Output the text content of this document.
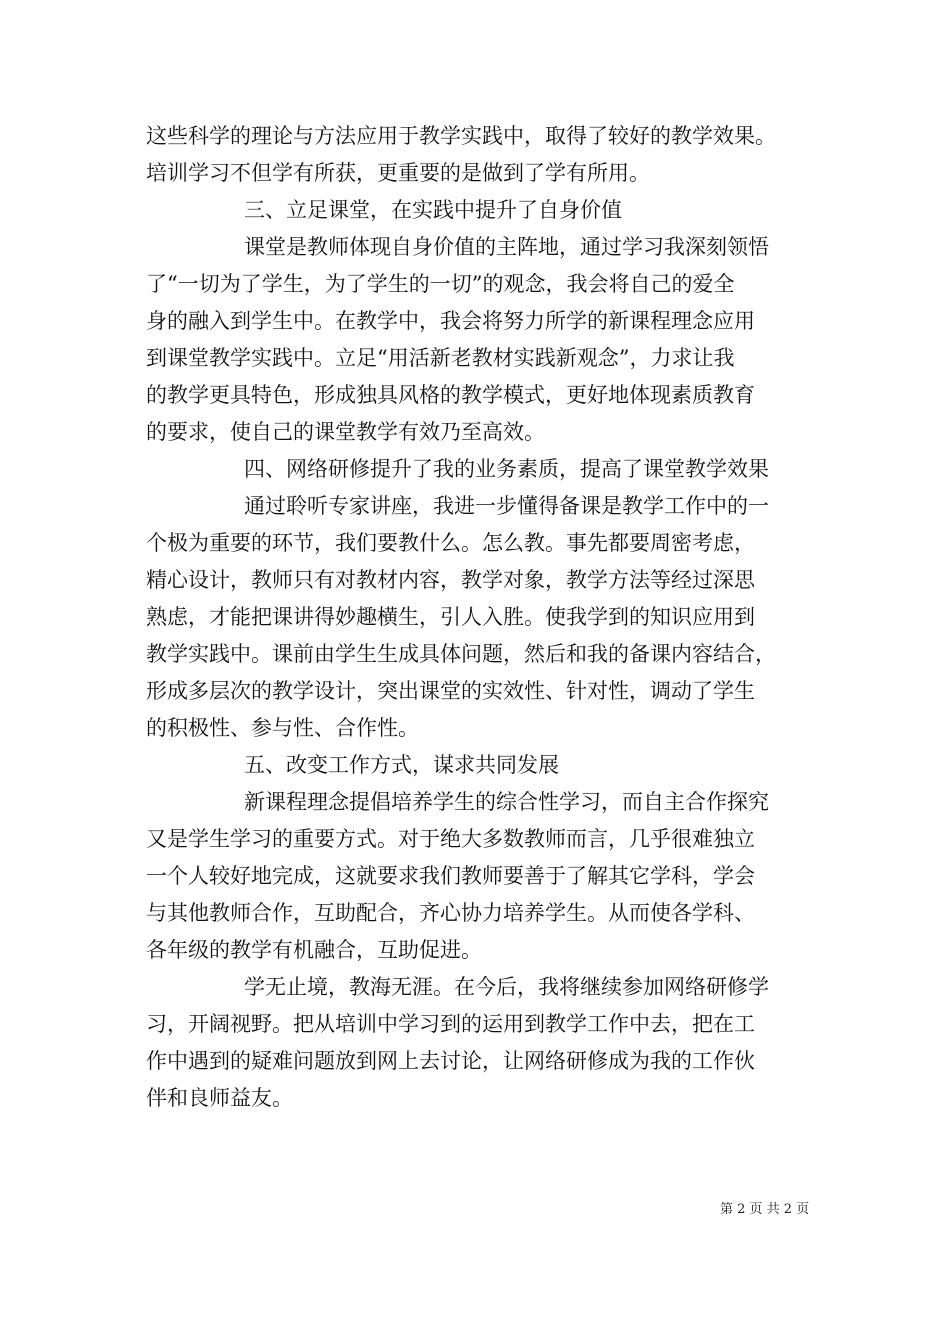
这些科学的理论与方法应用于教学实践中，取得了较好的教学效果。
培训学习不但学有所获，更重要的是做到了学有所用。
三、立足课堂，在实践中提升了自身价值
课堂是教师体现自身价值的主阵地，通过学习我深刻领悟
了“一切为了学生，为了学生的一切”的观念，我会将自己的爱全
身的融入到学生中。在教学中，我会将努力所学的新课程理念应用
到课堂教学实践中。立足“用活新老教材实践新观念”，力求让我
的教学更具特色，形成独具风格的教学模式，更好地体现素质教育
的要求，使自己的课堂教学有效乃至高效。
四、网络研修提升了我的业务素质，提高了课堂教学效果
通过聆听专家讲座，我进一步懂得备课是教学工作中的一
个极为重要的环节，我们要教什么。怎么教。事先都要周密考虑，
精心设计，教师只有对教材内容，教学对象，教学方法等经过深思
熟虑，才能把课讲得妙趣横生，引人入胜。使我学到的知识应用到
教学实践中。课前由学生生成具体问题，然后和我的备课内容结合，
形成多层次的教学设计，突出课堂的实效性、针对性，调动了学生
的积极性、参与性、合作性。
五、改变工作方式，谋求共同发展
新课程理念提倡培养学生的综合性学习，而自主合作探究
又是学生学习的重要方式。对于绝大多数教师而言，几乎很难独立
一个人较好地完成，这就要求我们教师要善于了解其它学科，学会
与其他教师合作，互助配合，齐心协力培养学生。从而使各学科、
各年级的教学有机融合，互助促进。
学无止境，教海无涯。在今后，我将继续参加网络研修学
习，开阔视野。把从培训中学习到的运用到教学工作中去，把在工
作中遇到的疑难问题放到网上去讨论，让网络研修成为我的工作伙
伴和良师益友。
第 2 页 共 2 页
